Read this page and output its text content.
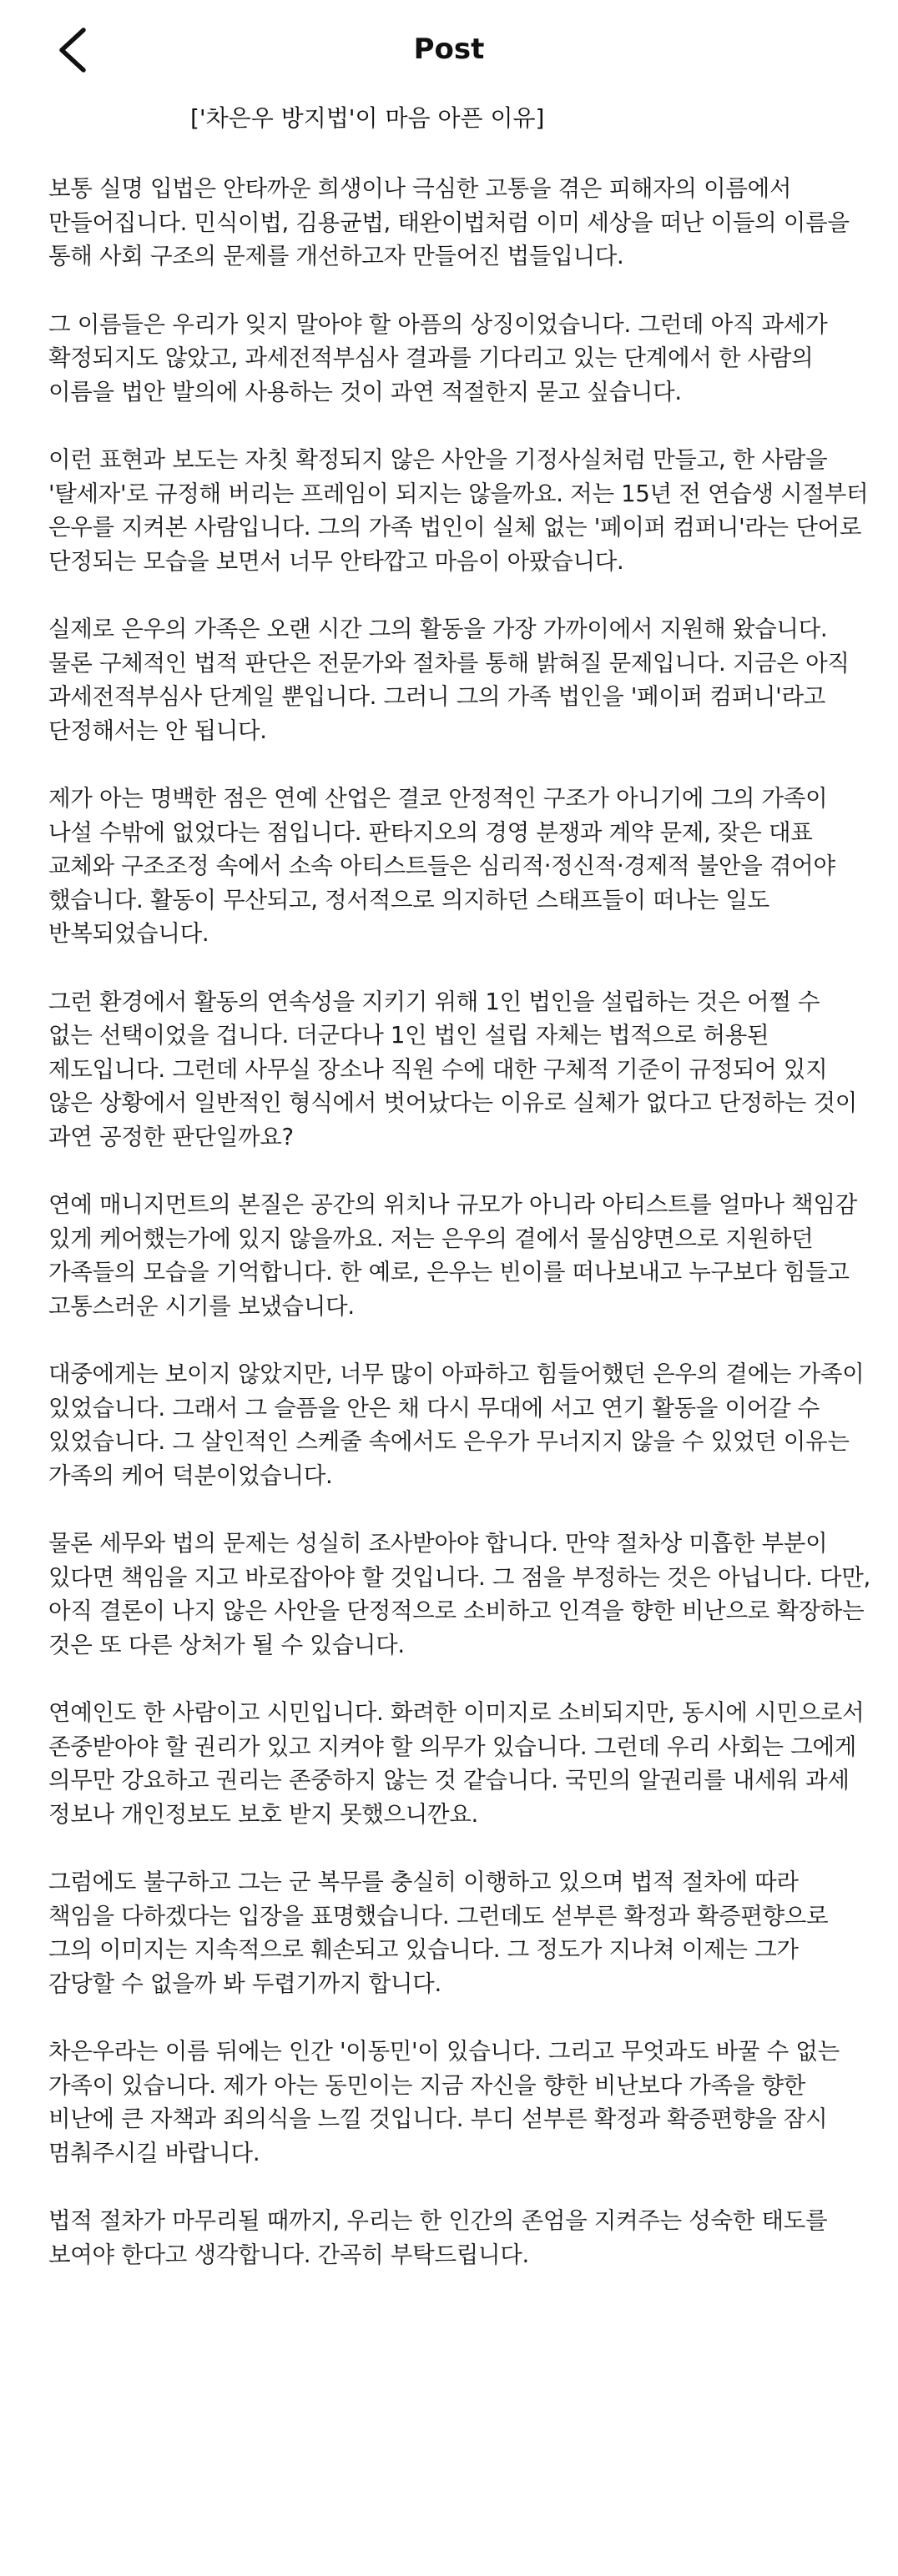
Post
['차은우 방지법'이 마음 아픈 이유]

보통 실명 입법은 안타까운 희생이나 극심한 고통을 겪은 피해자의 이름에서 만들어집니다. 민식이법, 김용균법, 태완이법처럼 이미 세상을 떠난 이들의 이름을 통해 사회 구조의 문제를 개선하고자 만들어진 법들입니다.

그 이름들은 우리가 잊지 말아야 할 아픔의 상징이었습니다. 그런데 아직 과세가 확정되지도 않았고, 과세전적부심사 결과를 기다리고 있는 단계에서 한 사람의 이름을 법안 발의에 사용하는 것이 과연 적절한지 묻고 싶습니다.

이런 표현과 보도는 자칫 확정되지 않은 사안을 기정사실처럼 만들고, 한 사람을 '탈세자'로 규정해 버리는 프레임이 되지는 않을까요. 저는 15년 전 연습생 시절부터 은우를 지켜본 사람입니다. 그의 가족 법인이 실체 없는 '페이퍼 컴퍼니'라는 단어로 단정되는 모습을 보면서 너무 안타깝고 마음이 아팠습니다.

실제로 은우의 가족은 오랜 시간 그의 활동을 가장 가까이에서 지원해 왔습니다. 물론 구체적인 법적 판단은 전문가와 절차를 통해 밝혀질 문제입니다. 지금은 아직 과세전적부심사 단계일 뿐입니다. 그러니 그의 가족 법인을 '페이퍼 컴퍼니'라고 단정해서는 안 됩니다.

제가 아는 명백한 점은 연예 산업은 결코 안정적인 구조가 아니기에 그의 가족이 나설 수밖에 없었다는 점입니다. 판타지오의 경영 분쟁과 계약 문제, 잦은 대표 교체와 구조조정 속에서 소속 아티스트들은 심리적·정신적·경제적 불안을 겪어야 했습니다. 활동이 무산되고, 정서적으로 의지하던 스태프들이 떠나는 일도 반복되었습니다.

그런 환경에서 활동의 연속성을 지키기 위해 1인 법인을 설립하는 것은 어쩔 수 없는 선택이었을 겁니다. 더군다나 1인 법인 설립 자체는 법적으로 허용된 제도입니다. 그런데 사무실 장소나 직원 수에 대한 구체적 기준이 규정되어 있지 않은 상황에서 일반적인 형식에서 벗어났다는 이유로 실체가 없다고 단정하는 것이 과연 공정한 판단일까요?

연예 매니지먼트의 본질은 공간의 위치나 규모가 아니라 아티스트를 얼마나 책임감 있게 케어했는가에 있지 않을까요. 저는 은우의 곁에서 물심양면으로 지원하던 가족들의 모습을 기억합니다. 한 예로, 은우는 빈이를 떠나보내고 누구보다 힘들고 고통스러운 시기를 보냈습니다.

대중에게는 보이지 않았지만, 너무 많이 아파하고 힘들어했던 은우의 곁에는 가족이 있었습니다. 그래서 그 슬픔을 안은 채 다시 무대에 서고 연기 활동을 이어갈 수 있었습니다. 그 살인적인 스케줄 속에서도 은우가 무너지지 않을 수 있었던 이유는 가족의 케어 덕분이었습니다.

물론 세무와 법의 문제는 성실히 조사받아야 합니다. 만약 절차상 미흡한 부분이 있다면 책임을 지고 바로잡아야 할 것입니다. 그 점을 부정하는 것은 아닙니다. 다만, 아직 결론이 나지 않은 사안을 단정적으로 소비하고 인격을 향한 비난으로 확장하는 것은 또 다른 상처가 될 수 있습니다.

연예인도 한 사람이고 시민입니다. 화려한 이미지로 소비되지만, 동시에 시민으로서 존중받아야 할 권리가 있고 지켜야 할 의무가 있습니다. 그런데 우리 사회는 그에게 의무만 강요하고 권리는 존중하지 않는 것 같습니다. 국민의 알권리를 내세워 과세 정보나 개인정보도 보호 받지 못했으니깐요.

그럼에도 불구하고 그는 군 복무를 충실히 이행하고 있으며 법적 절차에 따라 책임을 다하겠다는 입장을 표명했습니다. 그런데도 섣부른 확정과 확증편향으로 그의 이미지는 지속적으로 훼손되고 있습니다. 그 정도가 지나쳐 이제는 그가 감당할 수 없을까 봐 두렵기까지 합니다.

차은우라는 이름 뒤에는 인간 '이동민'이 있습니다. 그리고 무엇과도 바꿀 수 없는 가족이 있습니다. 제가 아는 동민이는 지금 자신을 향한 비난보다 가족을 향한 비난에 큰 자책과 죄의식을 느낄 것입니다. 부디 섣부른 확정과 확증편향을 잠시 멈춰주시길 바랍니다.

법적 절차가 마무리될 때까지, 우리는 한 인간의 존엄을 지켜주는 성숙한 태도를 보여야 한다고 생각합니다. 간곡히 부탁드립니다.
